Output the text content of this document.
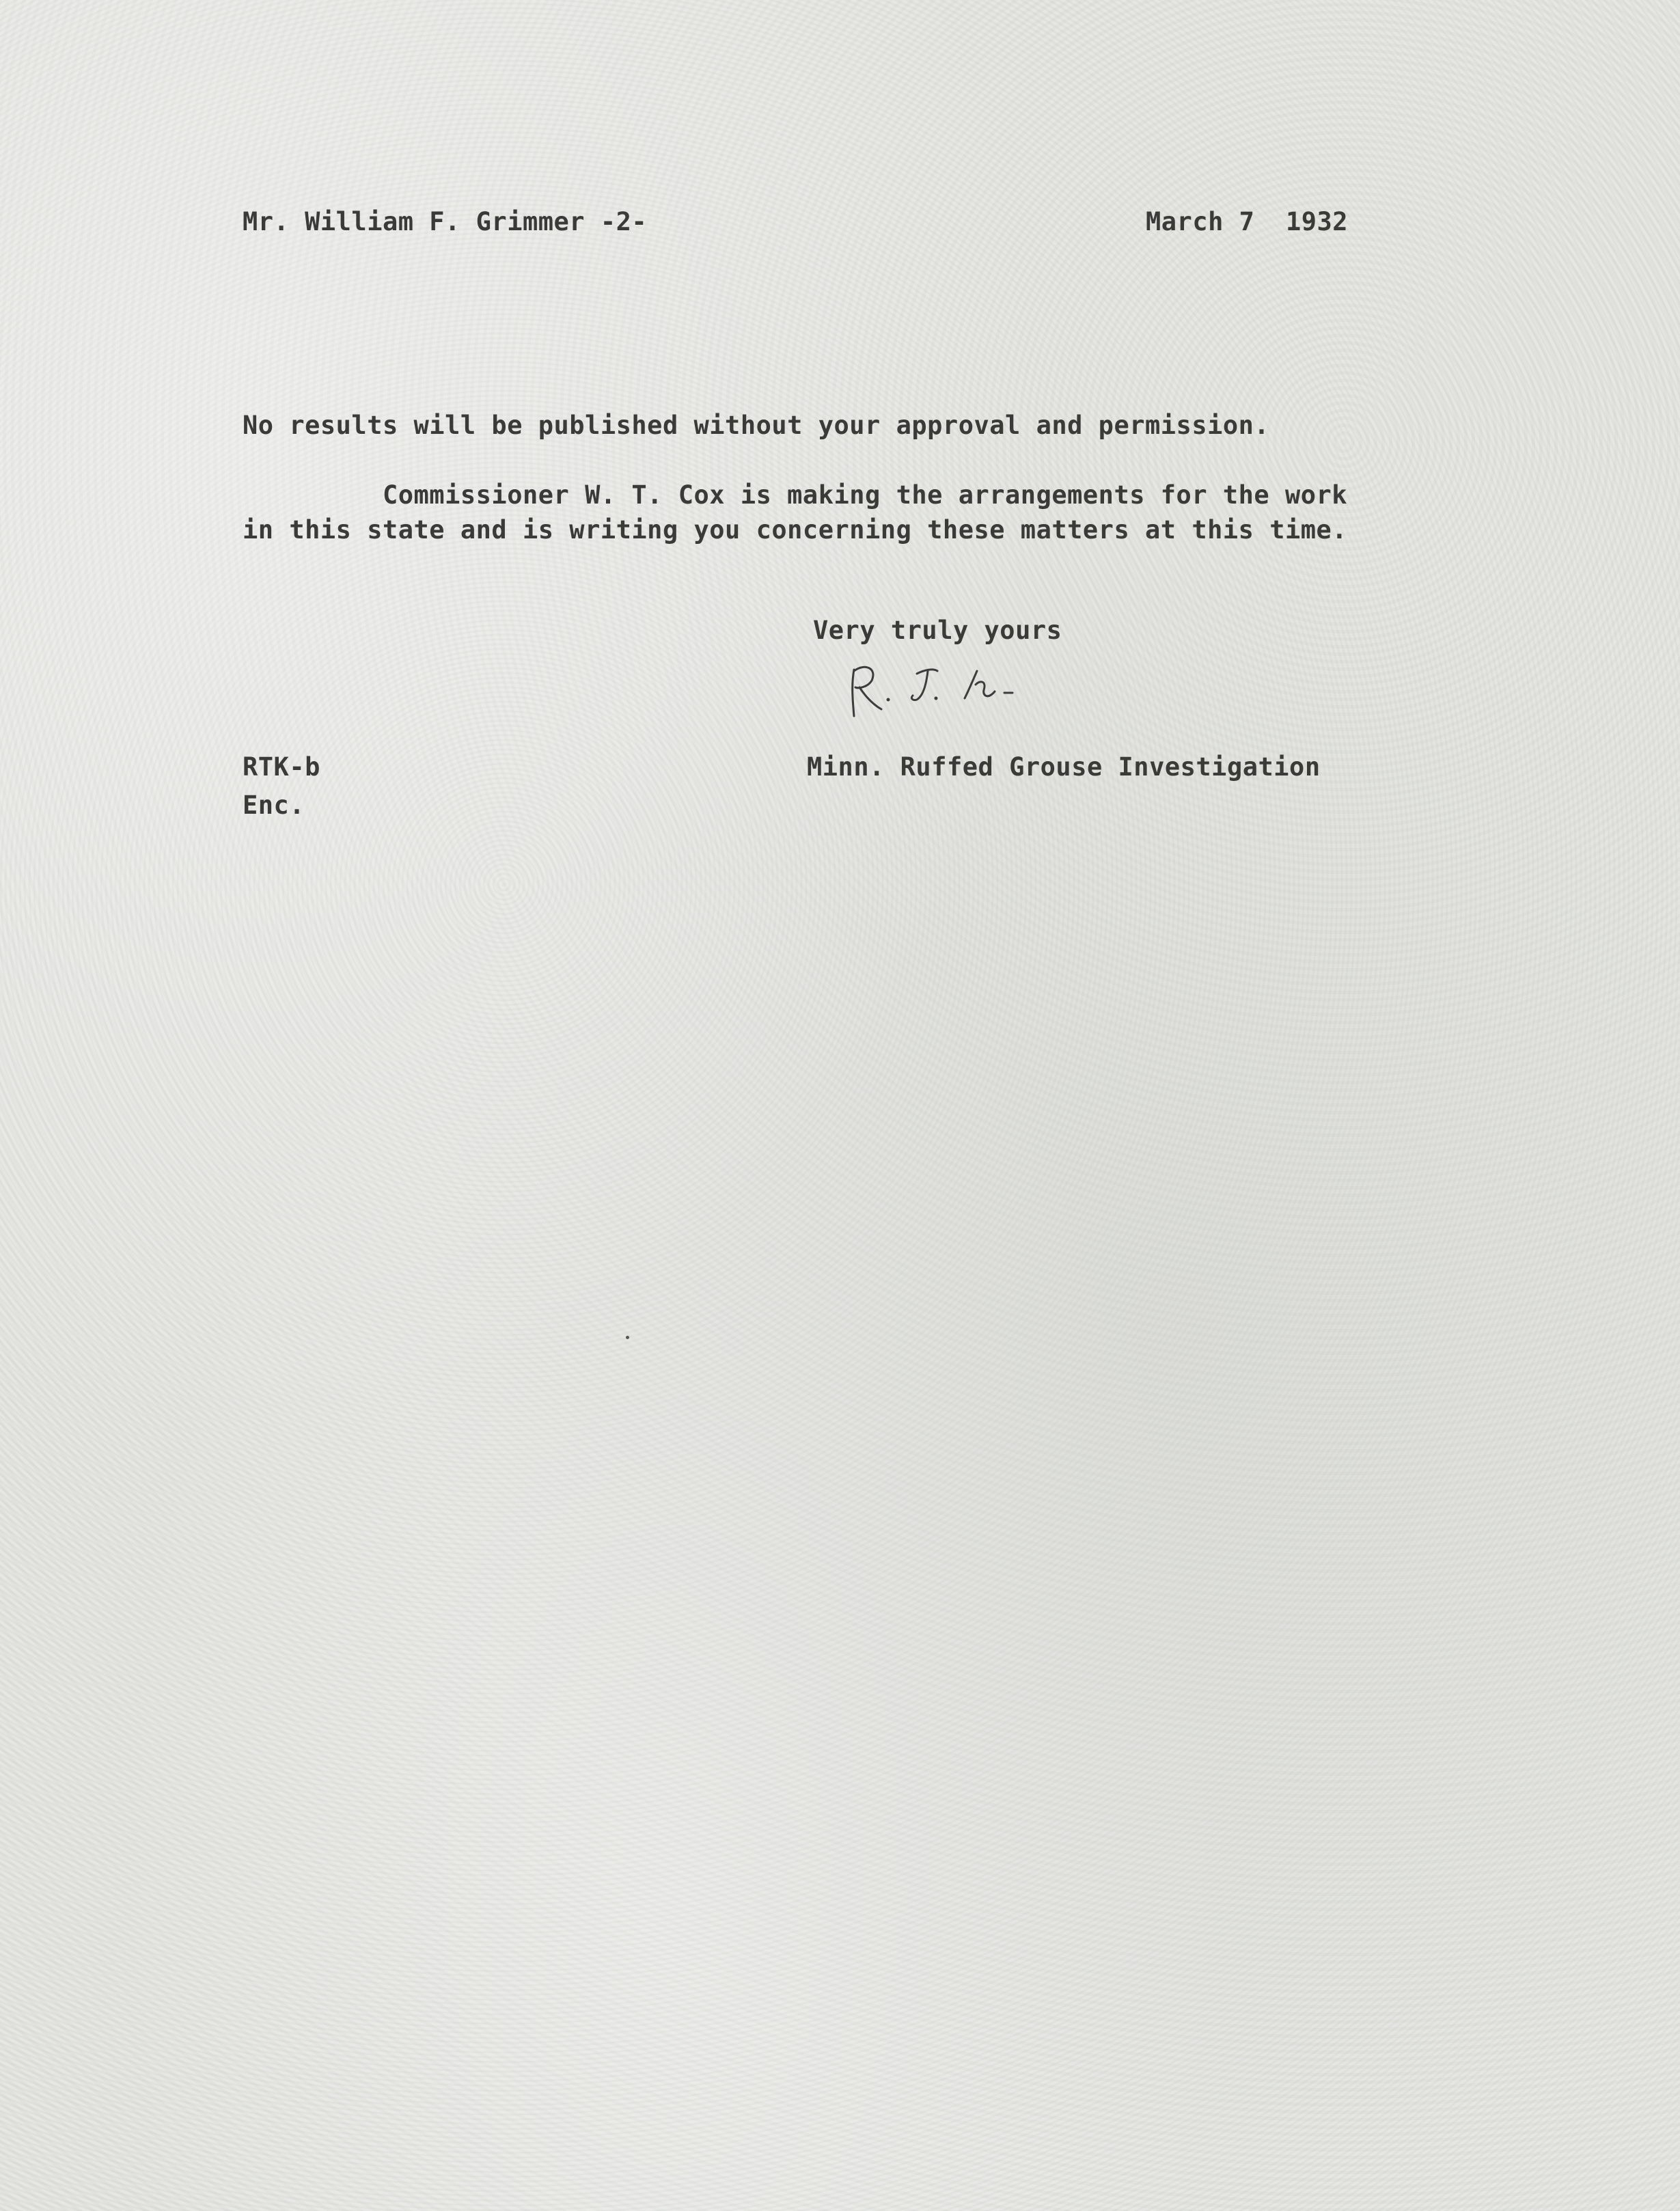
Mr. William F. Grimmer -2-	March 7  1932
No results will be published without your approval and permission.
Commissioner W. T. Cox is making the arrangements for the work
in this state and is writing you concerning these matters at this time.
Very truly yours
RTK-b	Minn. Ruffed Grouse Investigation
Enc.
